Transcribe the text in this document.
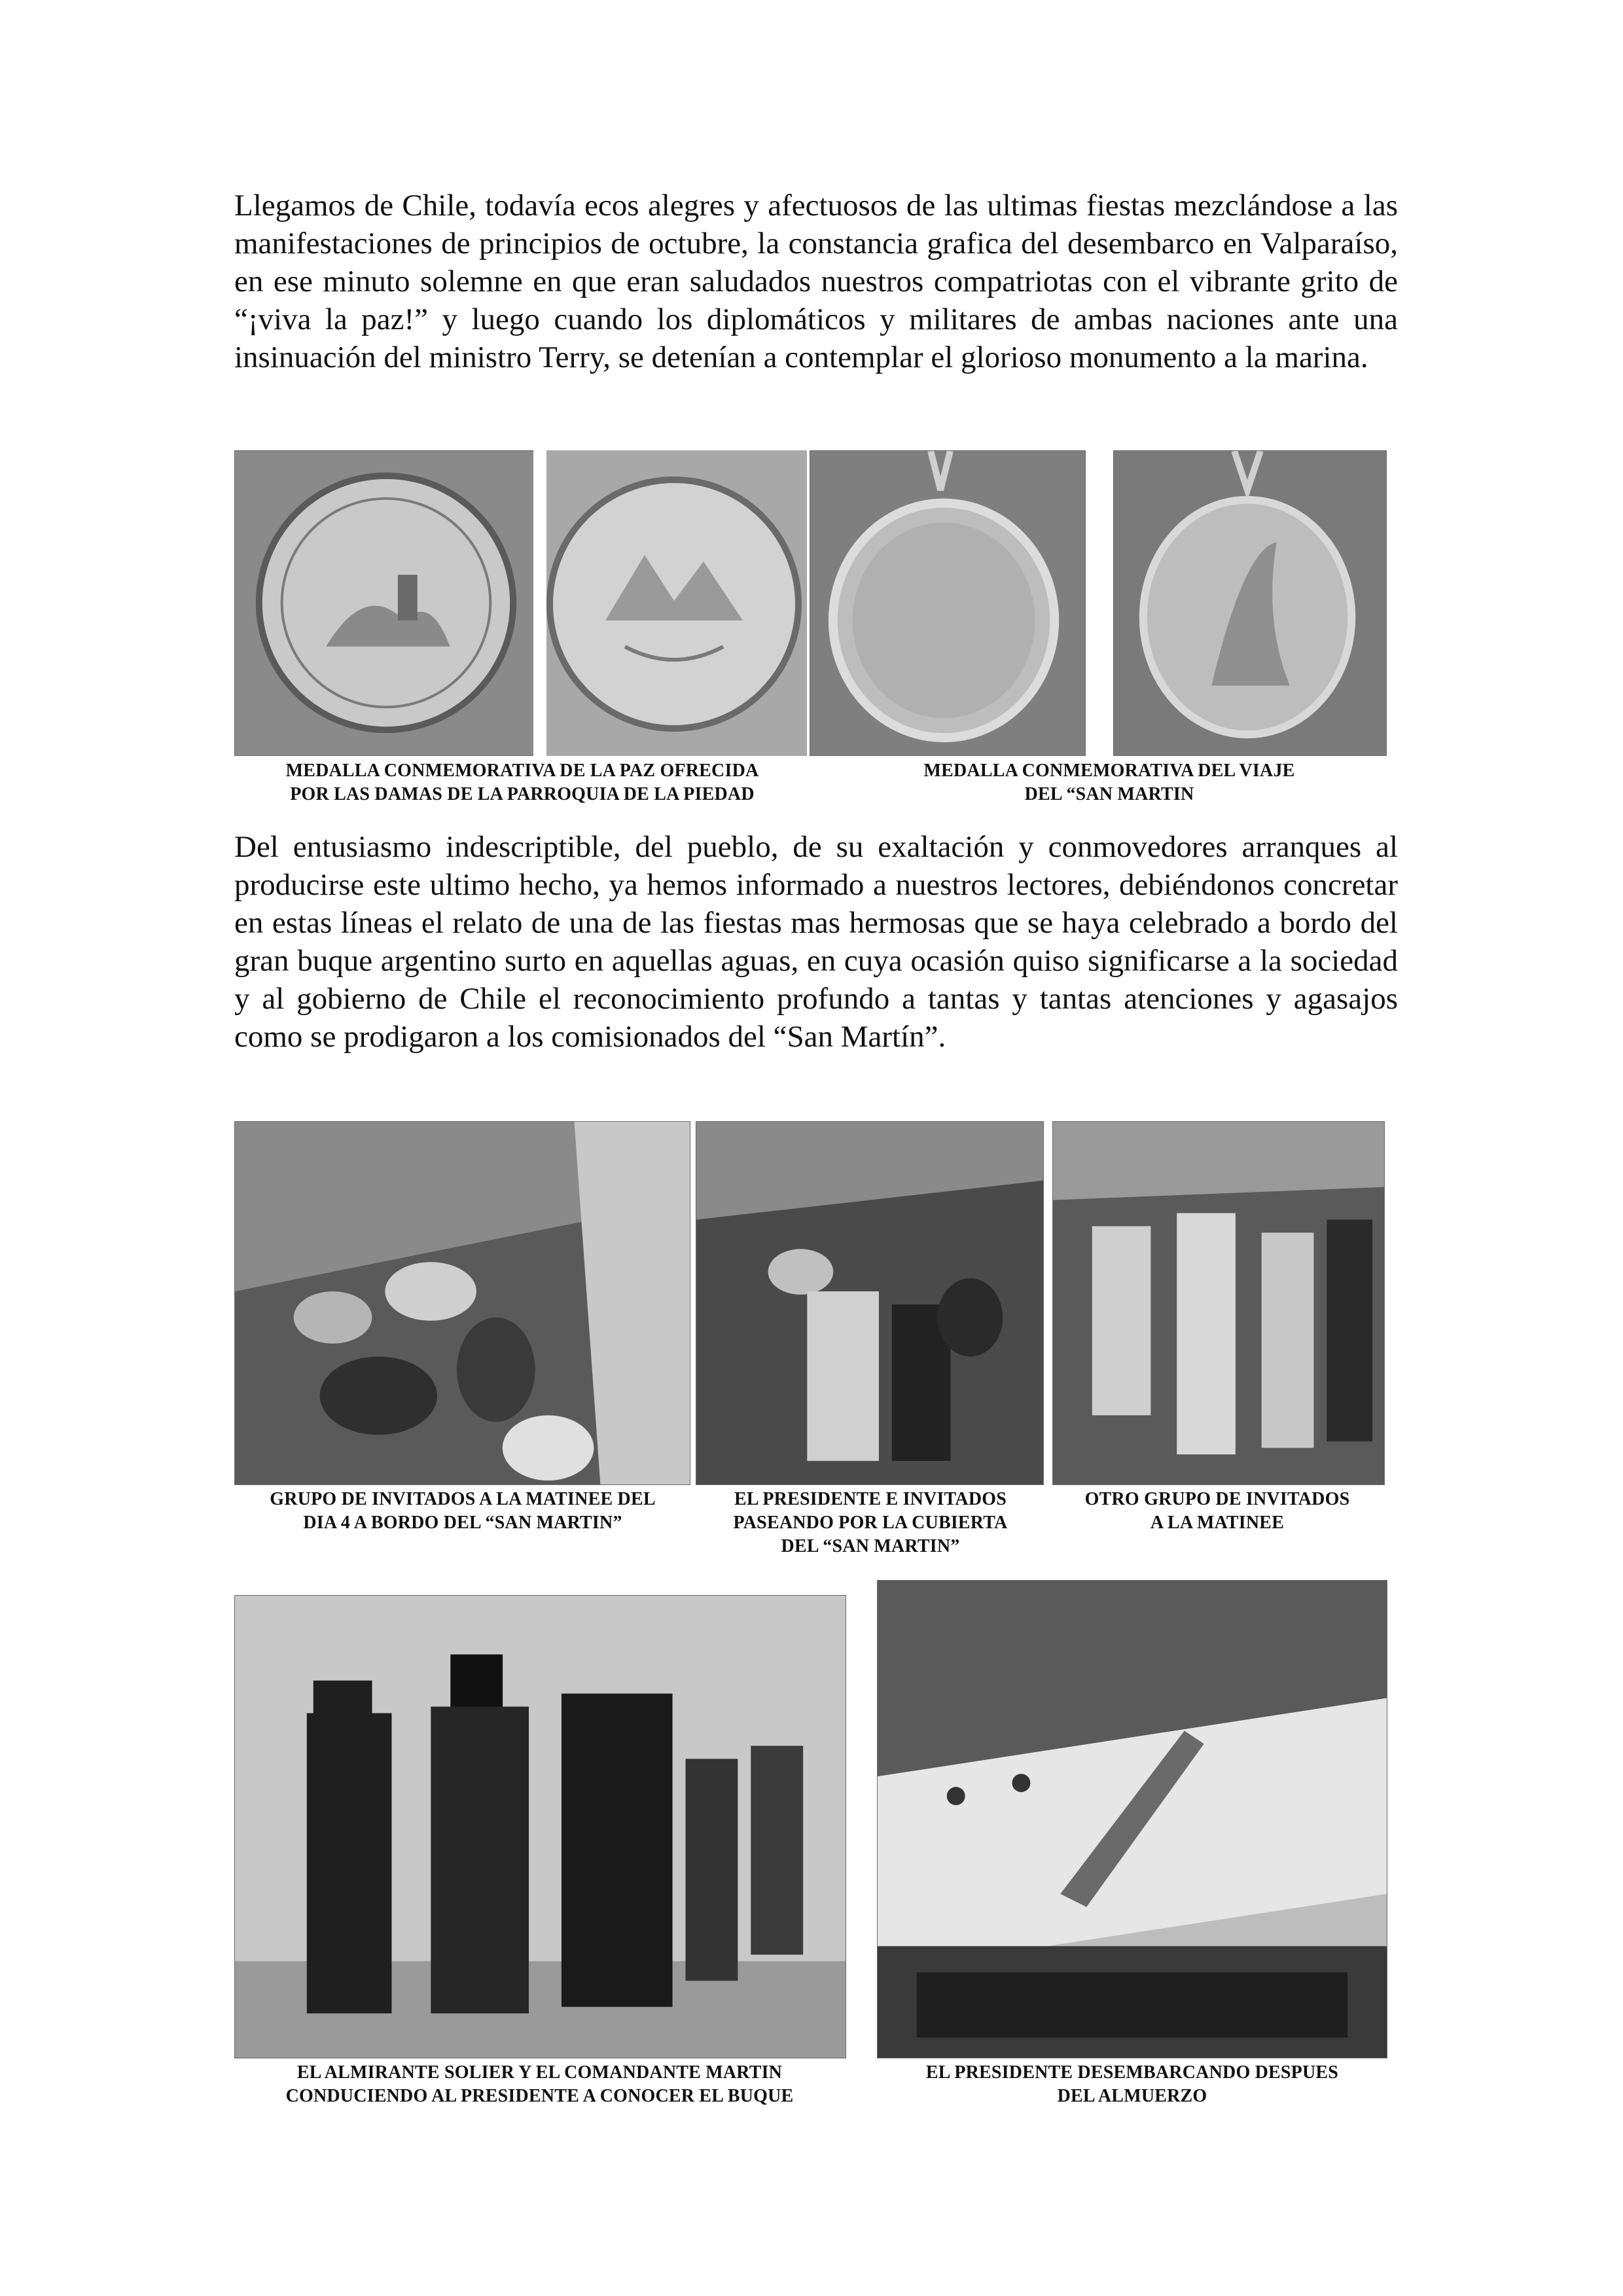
Llegamos de Chile, todavía ecos alegres y afectuosos de las ultimas fiestas mezclándose a las manifestaciones de principios de octubre, la constancia grafica del desembarco en Valparaíso, en ese minuto solemne en que eran saludados nuestros compatriotas con el vibrante grito de “¡viva la paz!” y luego cuando los diplomáticos y militares de ambas naciones ante una insinuación del ministro Terry, se detenían a contemplar el glorioso monumento a la marina.

MEDALLA CONMEMORATIVA DE LA PAZ OFRECIDA
POR LAS DAMAS DE LA PARROQUIA DE LA PIEDAD
MEDALLA CONMEMORATIVA DEL VIAJE
DEL “SAN MARTIN

Del entusiasmo indescriptible, del pueblo, de su exaltación y conmovedores arranques al producirse este ultimo hecho, ya hemos informado a nuestros lectores, debiéndonos concretar en estas líneas el relato de una de las fiestas mas hermosas que se haya celebrado a bordo del gran buque argentino surto en aquellas aguas, en cuya ocasión quiso significarse a la sociedad y al gobierno de Chile el reconocimiento profundo a tantas y tantas atenciones y agasajos como se prodigaron a los comisionados del “San Martín”.

GRUPO DE INVITADOS A LA MATINEE DEL
DIA 4 A BORDO DEL “SAN MARTIN”
EL PRESIDENTE E INVITADOS
PASEANDO POR LA CUBIERTA
DEL “SAN MARTIN”
OTRO GRUPO DE INVITADOS
A LA MATINEE
EL ALMIRANTE SOLIER Y EL COMANDANTE MARTIN
CONDUCIENDO AL PRESIDENTE A CONOCER EL BUQUE
EL PRESIDENTE DESEMBARCANDO DESPUES
DEL ALMUERZO
